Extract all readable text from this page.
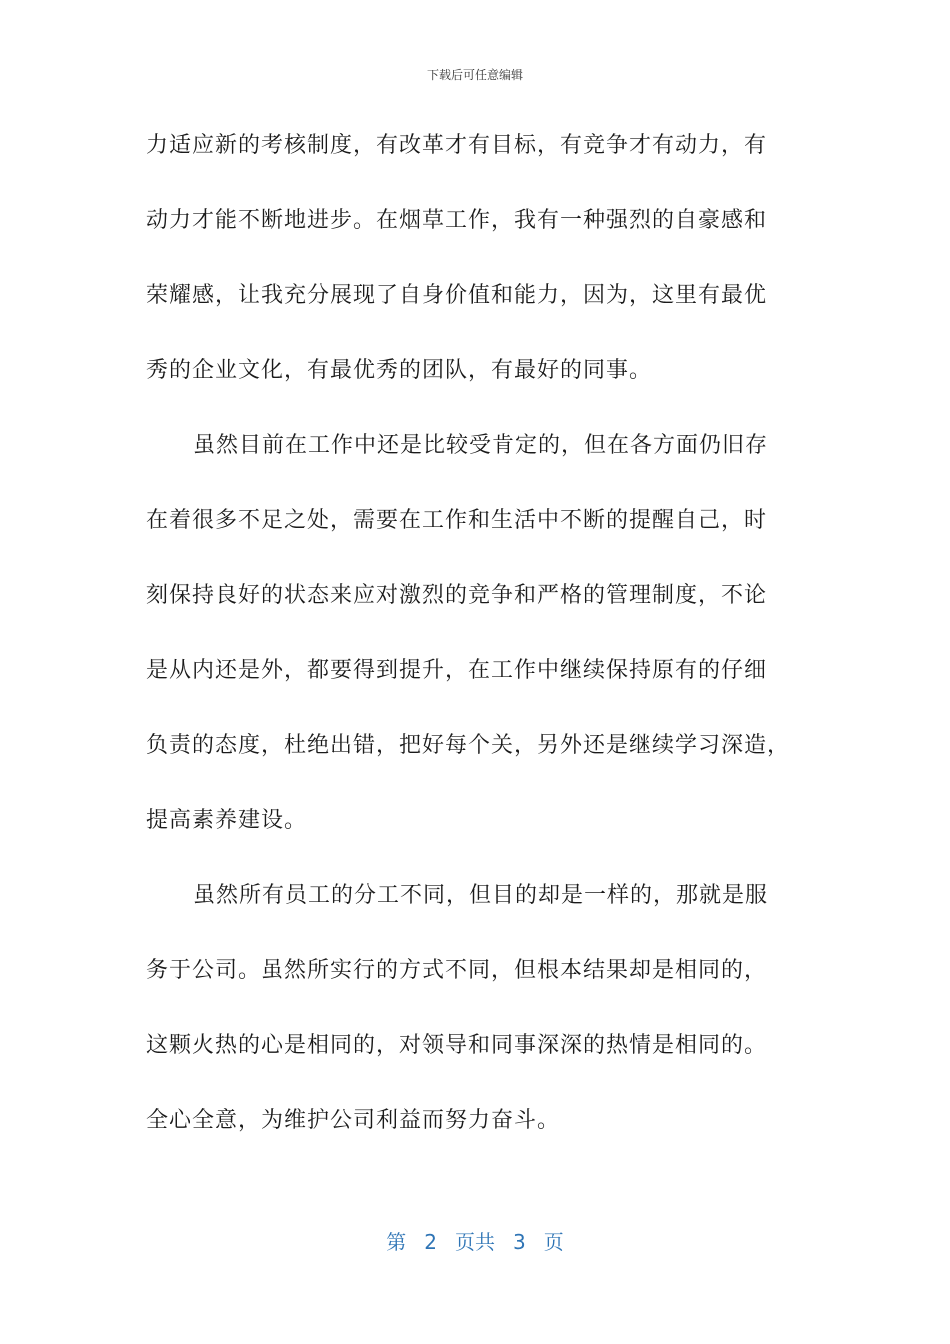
下载后可任意编辑
力适应新的考核制度，有改革才有目标，有竞争才有动力，有
动力才能不断地进步。在烟草工作，我有一种强烈的自豪感和
荣耀感，让我充分展现了自身价值和能力，因为，这里有最优
秀的企业文化，有最优秀的团队，有最好的同事。
虽然目前在工作中还是比较受肯定的，但在各方面仍旧存
在着很多不足之处，需要在工作和生活中不断的提醒自己，时
刻保持良好的状态来应对激烈的竞争和严格的管理制度，不论
是从内还是外，都要得到提升，在工作中继续保持原有的仔细
负责的态度，杜绝出错，把好每个关，另外还是继续学习深造，
提高素养建设。
虽然所有员工的分工不同，但目的却是一样的，那就是服
务于公司。虽然所实行的方式不同，但根本结果却是相同的，
这颗火热的心是相同的，对领导和同事深深的热情是相同的。
全心全意，为维护公司利益而努力奋斗。
第 2 页共 3 页
